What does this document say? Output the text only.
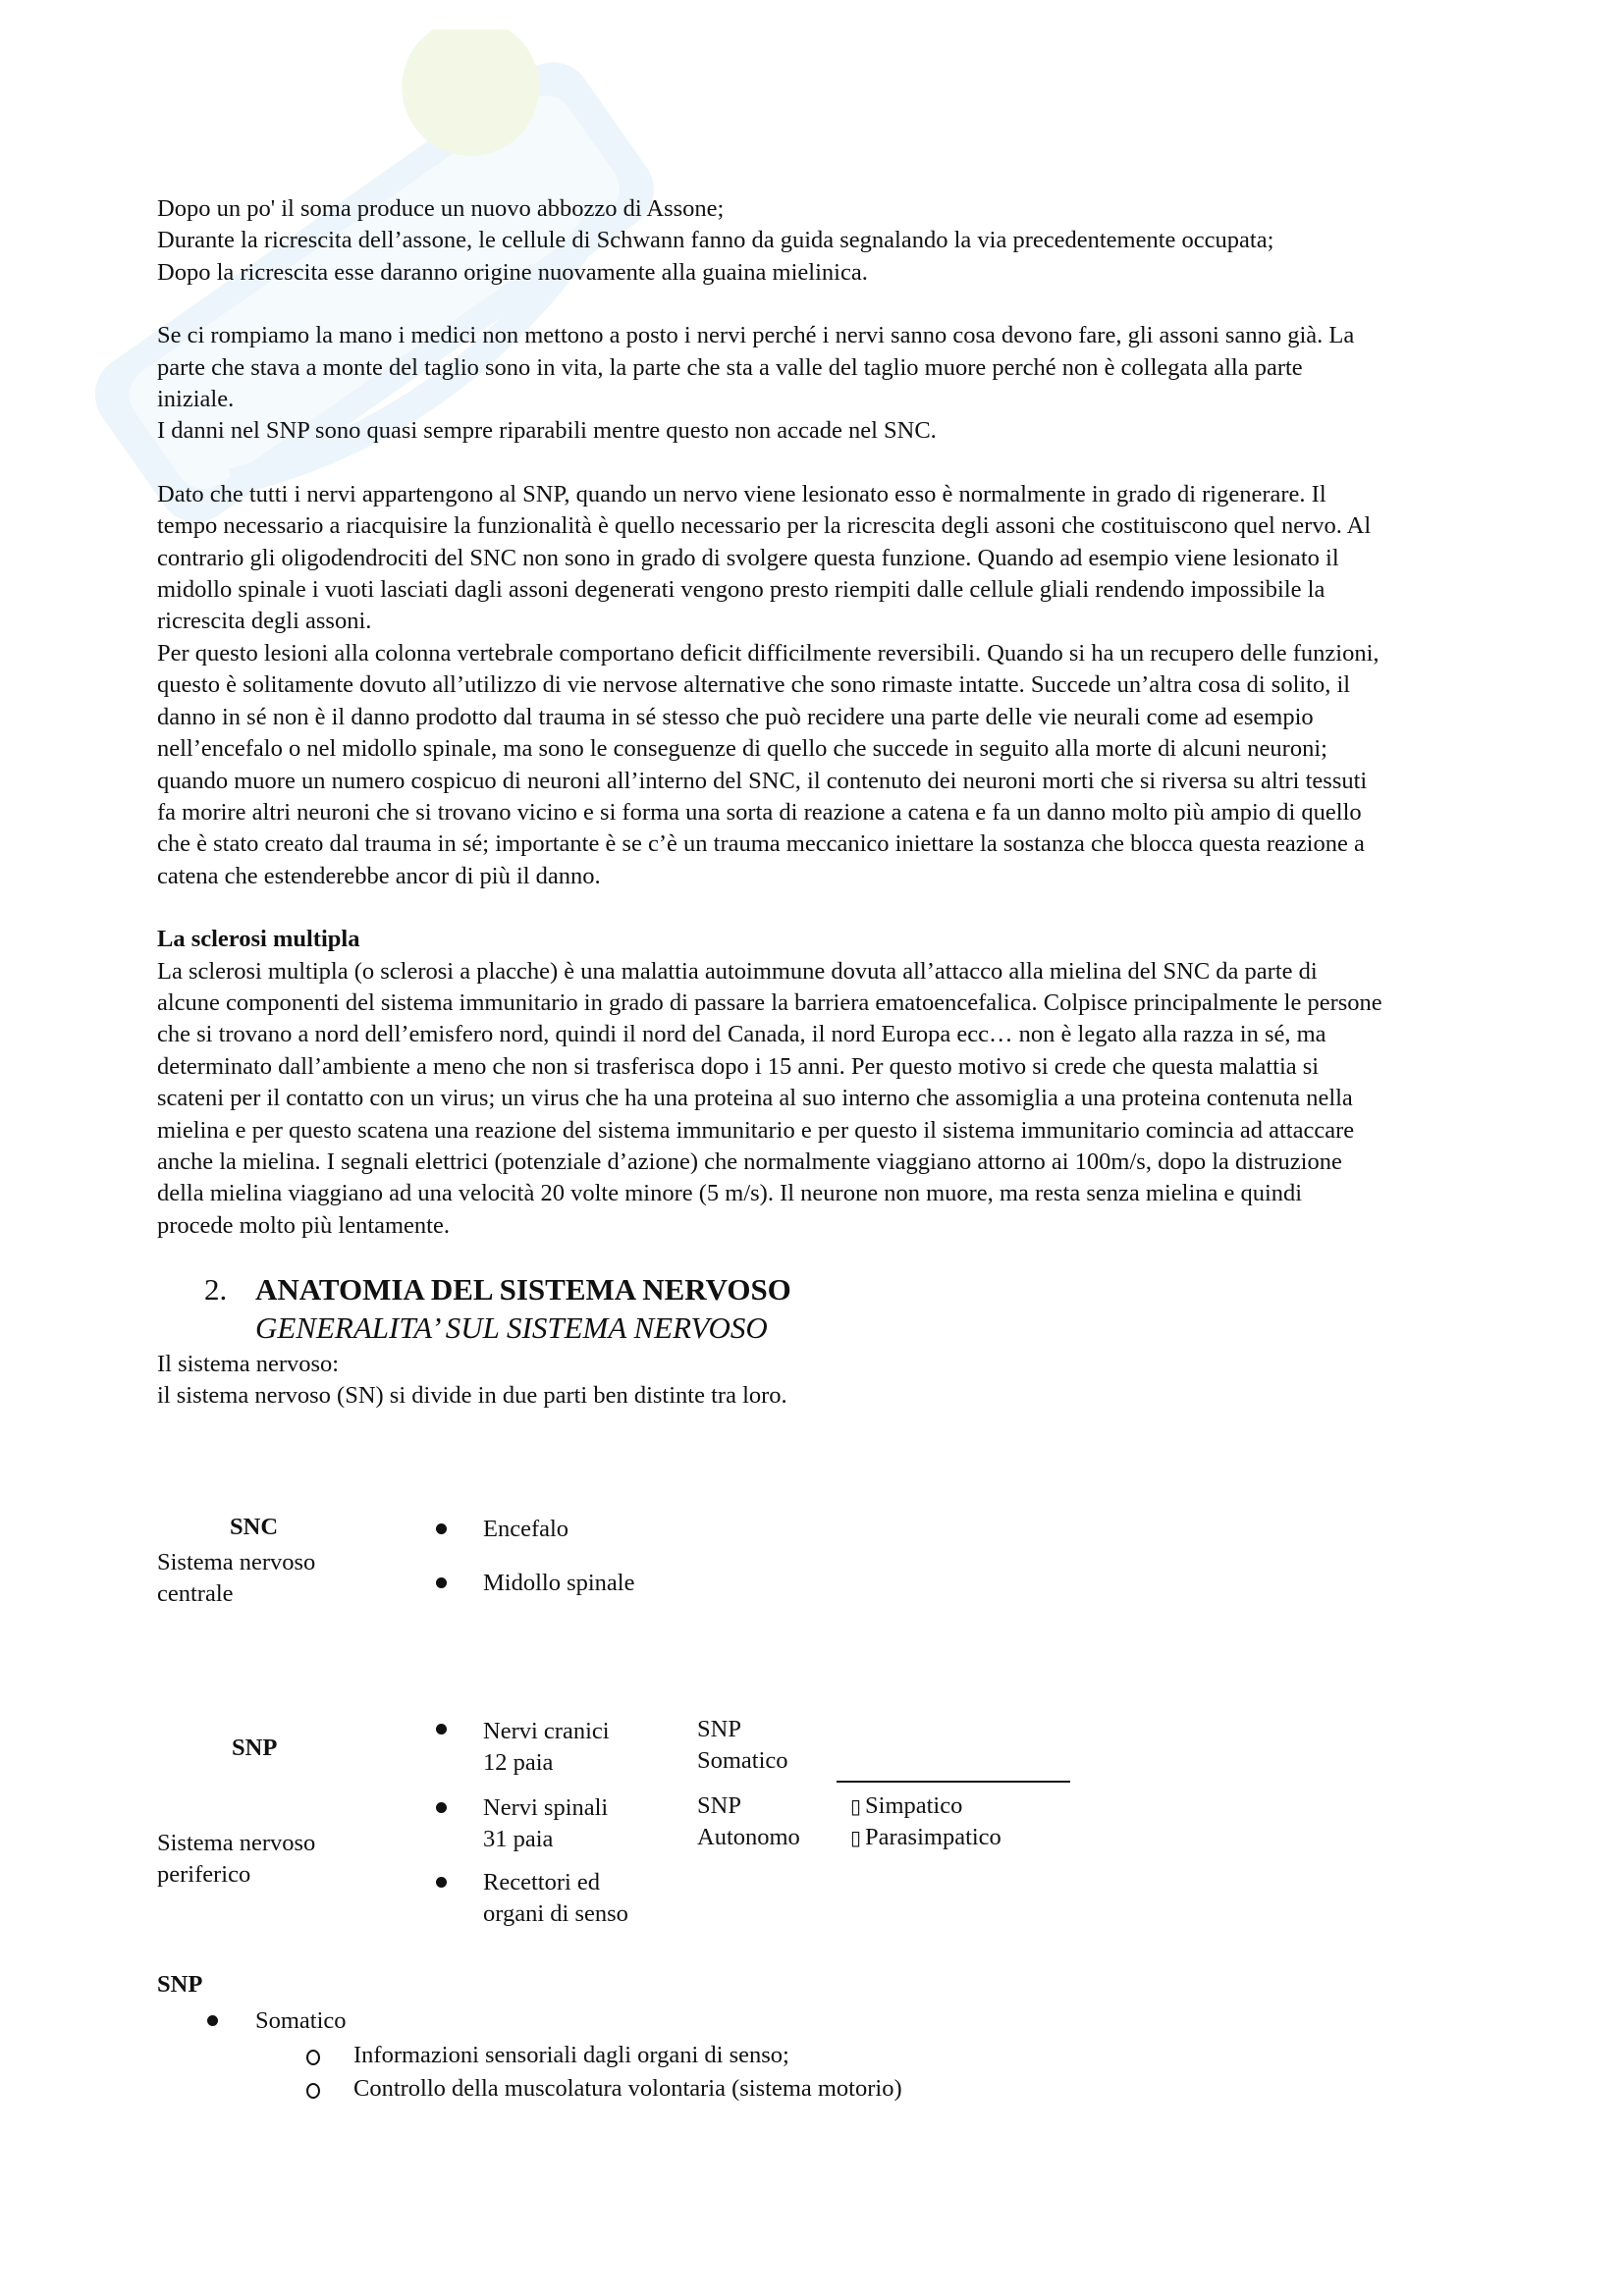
Dopo un po' il soma produce un nuovo abbozzo di Assone;
Durante la ricrescita dell’assone, le cellule di Schwann fanno da guida segnalando la via precedentemente occupata;
Dopo la ricrescita esse daranno origine nuovamente alla guaina mielinica.

Se ci rompiamo la mano i medici non mettono a posto i nervi perché i nervi sanno cosa devono fare, gli assoni sanno già. La
parte che stava a monte del taglio sono in vita, la parte che sta a valle del taglio muore perché non è collegata alla parte
iniziale.
I danni nel SNP sono quasi sempre riparabili mentre questo non accade nel SNC.

Dato che tutti i nervi appartengono al SNP, quando un nervo viene lesionato esso è normalmente in grado di rigenerare. Il
tempo necessario a riacquisire la funzionalità è quello necessario per la ricrescita degli assoni che costituiscono quel nervo. Al
contrario gli oligodendrociti del SNC non sono in grado di svolgere questa funzione. Quando ad esempio viene lesionato il
midollo spinale i vuoti lasciati dagli assoni degenerati vengono presto riempiti dalle cellule gliali rendendo impossibile la
ricrescita degli assoni.
Per questo lesioni alla colonna vertebrale comportano deficit difficilmente reversibili. Quando si ha un recupero delle funzioni,
questo è solitamente dovuto all’utilizzo di vie nervose alternative che sono rimaste intatte. Succede un’altra cosa di solito, il
danno in sé non è il danno prodotto dal trauma in sé stesso che può recidere una parte delle vie neurali come ad esempio
nell’encefalo o nel midollo spinale, ma sono le conseguenze di quello che succede in seguito alla morte di alcuni neuroni;
quando muore un numero cospicuo di neuroni all’interno del SNC, il contenuto dei neuroni morti che si riversa su altri tessuti
fa morire altri neuroni che si trovano vicino e si forma una sorta di reazione a catena e fa un danno molto più ampio di quello
che è stato creato dal trauma in sé; importante è se c’è un trauma meccanico iniettare la sostanza che blocca questa reazione a
catena che estenderebbe ancor di più il danno.

La sclerosi multipla

La sclerosi multipla (o sclerosi a placche) è una malattia autoimmune dovuta all’attacco alla mielina del SNC da parte di
alcune componenti del sistema immunitario in grado di passare la barriera ematoencefalica. Colpisce principalmente le persone
che si trovano a nord dell’emisfero nord, quindi il nord del Canada, il nord Europa ecc… non è legato alla razza in sé, ma
determinato dall’ambiente a meno che non si trasferisca dopo i 15 anni. Per questo motivo si crede che questa malattia si
scateni per il contatto con un virus; un virus che ha una proteina al suo interno che assomiglia a una proteina contenuta nella
mielina e per questo scatena una reazione del sistema immunitario e per questo il sistema immunitario comincia ad attaccare
anche la mielina. I segnali elettrici (potenziale d’azione) che normalmente viaggiano attorno ai 100m/s, dopo la distruzione
della mielina viaggiano ad una velocità 20 volte minore (5 m/s). Il neurone non muore, ma resta senza mielina e quindi
procede molto più lentamente.

2. ANATOMIA DEL SISTEMA NERVOSO
GENERALITA’ SUL SISTEMA NERVOSO
Il sistema nervoso:
il sistema nervoso (SN) si divide in due parti ben distinte tra loro.
SNC
Sistema nervoso
centrale
Encefalo
Midollo spinale
SNP
Sistema nervoso
periferico
Nervi cranici
12 paia
Nervi spinali
31 paia
Recettori ed
organi di senso
SNP
Somatico
SNP
Autonomo
▯ Simpatico
▯ Parasimpatico
SNP
Somatico
Informazioni sensoriali dagli organi di senso;
Controllo della muscolatura volontaria (sistema motorio)
